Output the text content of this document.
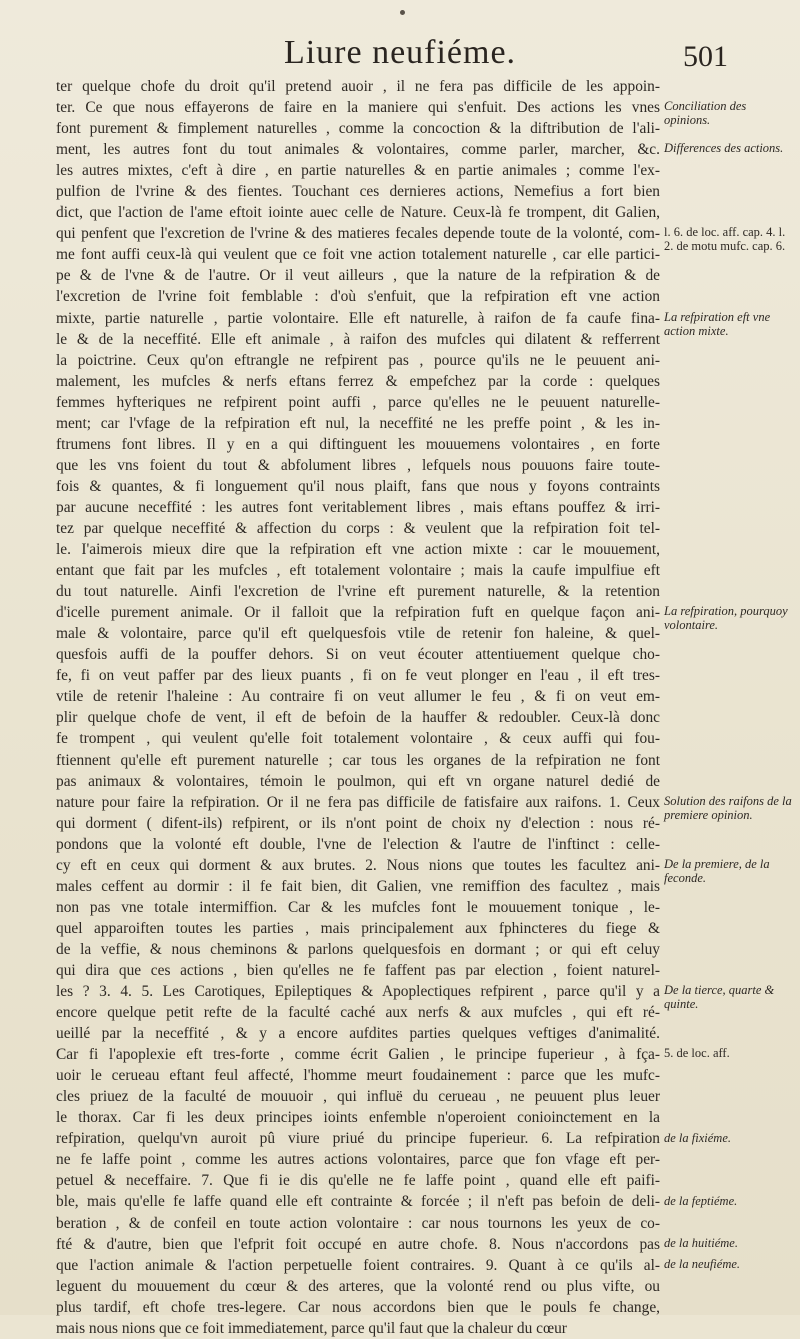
Liure neufiéme.	501
ter quelque chofe du droit qu'il pretend auoir , il ne fera pas difficile de les appoin-
ter. Ce que nous effayerons de faire en la maniere qui s'enfuit. Des actions les vnes
font purement & fimplement naturelles , comme la concoction & la diftribution de l'ali-
ment, les autres font du tout animales & volontaires, comme parler, marcher, &c.
les autres mixtes, c'eft à dire , en partie naturelles & en partie animales ; comme l'ex-
pulfion de l'vrine & des fientes. Touchant ces dernieres actions, Nemefius a fort bien
dict, que l'action de l'ame eftoit iointe auec celle de Nature. Ceux-là fe trompent, dit Galien,
qui penfent que l'excretion de l'vrine & des matieres fecales depende toute de la volonté, com-
me font auffi ceux-là qui veulent que ce foit vne action totalement naturelle , car elle partici-
pe & de l'vne & de l'autre. Or il veut ailleurs , que la nature de la refpiration & de
l'excretion de l'vrine foit femblable : d'où s'enfuit, que la refpiration eft vne action
mixte, partie naturelle , partie volontaire. Elle eft naturelle, à raifon de fa caufe fina-
le & de la neceffité. Elle eft animale , à raifon des mufcles qui dilatent & refferrent
la poictrine. Ceux qu'on eftrangle ne refpirent pas , pource qu'ils ne le peuuent ani-
malement, les mufcles & nerfs eftans ferrez & empefchez par la corde : quelques
femmes hyfteriques ne refpirent point auffi , parce qu'elles ne le peuuent naturelle-
ment; car l'vfage de la refpiration eft nul, la neceffité ne les preffe point , & les in-
ftrumens font libres. Il y en a qui diftinguent les mouuemens volontaires , en forte
que les vns foient du tout & abfolument libres , lefquels nous pouuons faire toute-
fois & quantes, & fi longuement qu'il nous plaift, fans que nous y foyons contraints
par aucune neceffité : les autres font veritablement libres , mais eftans pouffez & irri-
tez par quelque neceffité & affection du corps : & veulent que la refpiration foit tel-
le. I'aimerois mieux dire que la refpiration eft vne action mixte : car le mouuement,
entant que fait par les mufcles , eft totalement volontaire ; mais la caufe impulfiue eft
du tout naturelle. Ainfi l'excretion de l'vrine eft purement naturelle, & la retention
d'icelle purement animale. Or il falloit que la refpiration fuft en quelque façon ani-
male & volontaire, parce qu'il eft quelquesfois vtile de retenir fon haleine, & quel-
quesfois auffi de la pouffer dehors. Si on veut écouter attentiuement quelque cho-
fe, fi on veut paffer par des lieux puants , fi on fe veut plonger en l'eau , il eft tres-
vtile de retenir l'haleine : Au contraire fi on veut allumer le feu , & fi on veut em-
plir quelque chofe de vent, il eft de befoin de la hauffer & redoubler. Ceux-là donc
fe trompent , qui veulent qu'elle foit totalement volontaire , & ceux auffi qui fou-
ftiennent qu'elle eft purement naturelle ; car tous les organes de la refpiration ne font
pas animaux & volontaires, témoin le poulmon, qui eft vn organe naturel dedié de
nature pour faire la refpiration. Or il ne fera pas difficile de fatisfaire aux raifons. 1. Ceux
qui dorment ( difent-ils) refpirent, or ils n'ont point de choix ny d'election : nous ré-
pondons que la volonté eft double, l'vne de l'election & l'autre de l'inftinct : celle-
cy eft en ceux qui dorment & aux brutes. 2. Nous nions que toutes les facultez ani-
males ceffent au dormir : il fe fait bien, dit Galien, vne remiffion des facultez , mais
non pas vne totale intermiffion. Car & les mufcles font le mouuement tonique , le-
quel apparoiften toutes les parties , mais principalement aux fphincteres du fiege &
de la veffie, & nous cheminons & parlons quelquesfois en dormant ; or qui eft celuy
qui dira que ces actions , bien qu'elles ne fe faffent pas par election , foient naturel-
les ? 3. 4. 5. Les Carotiques, Epileptiques & Apoplectiques refpirent , parce qu'il y a
encore quelque petit refte de la faculté caché aux nerfs & aux mufcles , qui eft ré-
ueillé par la neceffité , & y a encore aufdites parties quelques veftiges d'animalité.
Car fi l'apoplexie eft tres-forte , comme écrit Galien , le principe fuperieur , à fça-
uoir le cerueau eftant feul affecté, l'homme meurt foudainement : parce que les mufc-
cles priuez de la faculté de mouuoir , qui influë du cerueau , ne peuuent plus leuer
le thorax. Car fi les deux principes ioints enfemble n'operoient conioinctement en la
refpiration, quelqu'vn auroit pû viure priué du principe fuperieur. 6. La refpiration
ne fe laffe point , comme les autres actions volontaires, parce que fon vfage eft per-
petuel & neceffaire. 7. Que fi ie dis qu'elle ne fe laffe point , quand elle eft paifi-
ble, mais qu'elle fe laffe quand elle eft contrainte & forcée ; il n'eft pas befoin de deli-
beration , & de confeil en toute action volontaire : car nous tournons les yeux de co-
fté & d'autre, bien que l'efprit foit occupé en autre chofe. 8. Nous n'accordons pas
que l'action animale & l'action perpetuelle foient contraires. 9. Quant à ce qu'ils al-
leguent du mouuement du cœur & des arteres, que la volonté rend ou plus vifte, ou
plus tardif, eft chofe tres-legere. Car nous accordons bien que le pouls fe change,
mais nous nions que ce foit immediatement, parce qu'il faut que la chaleur du cœur
Conciliation des opinions.
Differences des actions.
l. 6. de loc. aff. cap. 4. l. 2. de motu mufc. cap. 6.
La refpiration eft vne action mixte.
La refpiration, pourquoy volontaire.
Solution des raifons de la premiere opinion.
De la premiere, de la feconde.
De la tierce, quarte & quinte.
5. de loc. aff.
de la fixiéme.
de la feptiéme.
de la huitiéme.
de la neufiéme.
